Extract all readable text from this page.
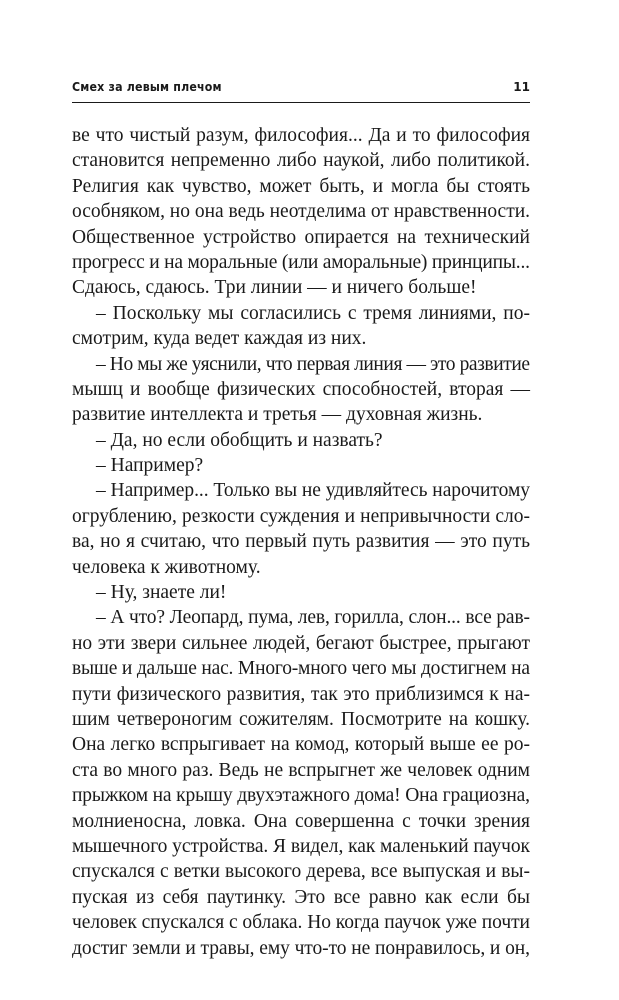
Смех за левым плечом	11
ве что чистый разум, философия... Да и то философия
становится непременно либо наукой, либо политикой.
Религия как чувство, может быть, и могла бы стоять
особняком, но она ведь неотделима от нравственности.
Общественное устройство опирается на технический
прогресс и на моральные (или аморальные) принципы...
Сдаюсь, сдаюсь. Три линии — и ничего больше!
– Поскольку мы согласились с тремя линиями, по-
смотрим, куда ведет каждая из них.
– Но мы же уяснили, что первая линия — это развитие
мышц и вообще физических способностей, вторая —
развитие интеллекта и третья — духовная жизнь.
– Да, но если обобщить и назвать?
– Например?
– Например... Только вы не удивляйтесь нарочитому
огрублению, резкости суждения и непривычности сло-
ва, но я считаю, что первый путь развития — это путь
человека к животному.
– Ну, знаете ли!
– А что? Леопард, пума, лев, горилла, слон... все рав-
но эти звери сильнее людей, бегают быстрее, прыгают
выше и дальше нас. Много-много чего мы достигнем на
пути физического развития, так это приблизимся к на-
шим четвероногим сожителям. Посмотрите на кошку.
Она легко вспрыгивает на комод, который выше ее ро-
ста во много раз. Ведь не вспрыгнет же человек одним
прыжком на крышу двухэтажного дома! Она грациозна,
молниеносна, ловка. Она совершенна с точки зрения
мышечного устройства. Я видел, как маленький паучок
спускался с ветки высокого дерева, все выпуская и вы-
пуская из себя паутинку. Это все равно как если бы
человек спускался с облака. Но когда паучок уже почти
достиг земли и травы, ему что-то не понравилось, и он,
